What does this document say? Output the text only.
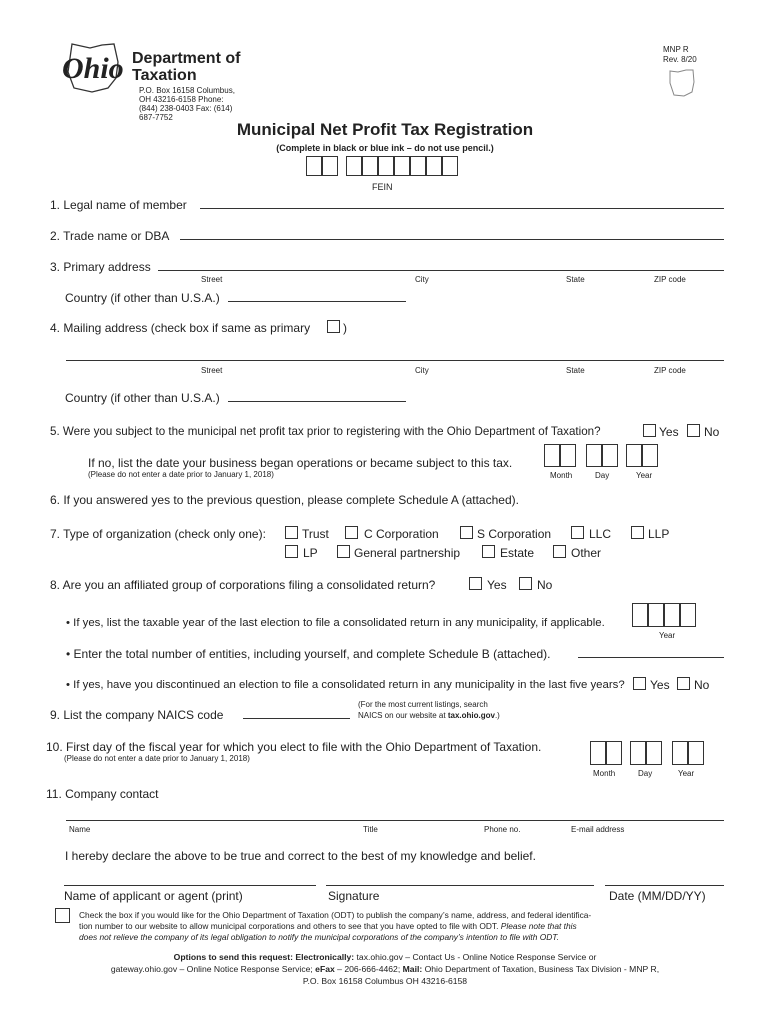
Ohio Department of
Taxation
P.O. Box 16158 Columbus,
OH 43216-6158 Phone:
(844) 238-0403 Fax: (614)
687-7752
MNP R
Rev. 8/20
Municipal Net Profit Tax Registration
(Complete in black or blue ink – do not use pencil.)
FEIN
1. Legal name of member
2. Trade name or DBA
3. Primary address
Street	City	State	ZIP code
Country (if other than U.S.A.)
4. Mailing address (check box if same as primary	)
Street	City	State	ZIP code
Country (if other than U.S.A.)
5. Were you subject to the municipal net profit tax prior to registering with the Ohio Department of Taxation?	Yes No
If no, list the date your business began operations or became subject to this tax.
(Please do not enter a date prior to January 1, 2018)	Month	Day	Year
6. If you answered yes to the previous question, please complete Schedule A (attached).
7. Type of organization (check only one):	Trust	C Corporation	S Corporation	LLC	LLP
LP	General partnership	Estate	Other
8. Are you an affiliated group of corporations filing a consolidated return?	Yes	No
• If yes, list the taxable year of the last election to file a consolidated return in any municipality, if applicable.
Year
• Enter the total number of entities, including yourself, and complete Schedule B (attached).
• If yes, have you discontinued an election to file a consolidated return in any municipality in the last five years? Yes No
9. List the company NAICS code
(For the most current listings, search
NAICS on our website at tax.ohio.gov.)
10. First day of the fiscal year for which you elect to file with the Ohio Department of Taxation.
(Please do not enter a date prior to January 1, 2018)
Month	Day	Year
11. Company contact
Name	Title	Phone no.	E-mail address
I hereby declare the above to be true and correct to the best of my knowledge and belief.
Name of applicant or agent (print)	Signature	Date (MM/DD/YY)
Check the box if you would like for the Ohio Department of Taxation (ODT) to publish the company’s name, address, and federal identifica-
tion number to our website to allow municipal corporations and others to see that you have opted to file with ODT. Please note that this
does not relieve the company of its legal obligation to notify the municipal corporations of the company’s intention to file with ODT.
Options to send this request: Electronically: tax.ohio.gov – Contact Us - Online Notice Response Service or
gateway.ohio.gov – Online Notice Response Service; eFax – 206-666-4462; Mail: Ohio Department of Taxation, Business Tax Division - MNP R,
P.O. Box 16158 Columbus OH 43216-6158
